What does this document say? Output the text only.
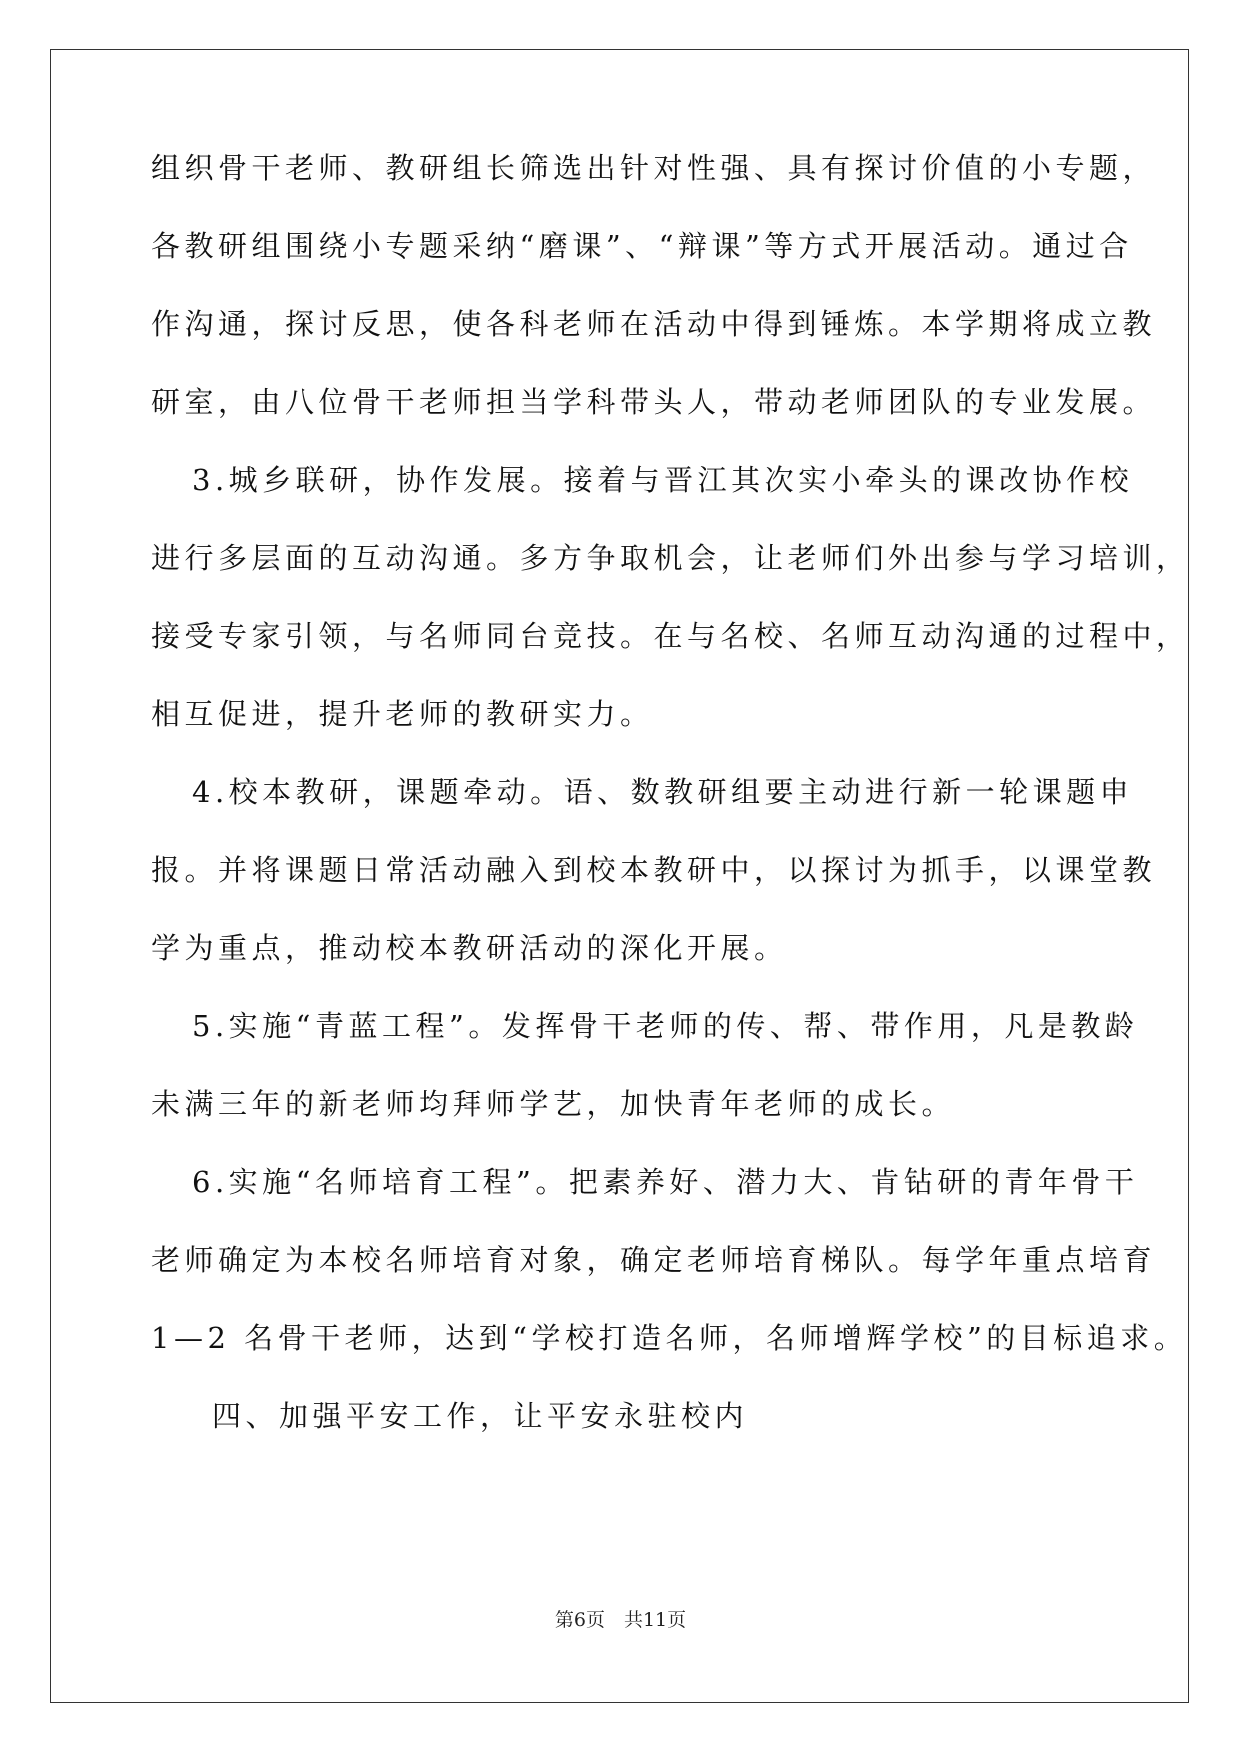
组织骨干老师、教研组长筛选出针对性强、具有探讨价值的小专题，
各教研组围绕小专题采纳“磨课”、“辩课”等方式开展活动。通过合
作沟通，探讨反思，使各科老师在活动中得到锤炼。本学期将成立教
研室，由八位骨干老师担当学科带头人，带动老师团队的专业发展。
3.城乡联研，协作发展。接着与晋江其次实小牵头的课改协作校
进行多层面的互动沟通。多方争取机会，让老师们外出参与学习培训，
接受专家引领，与名师同台竞技。在与名校、名师互动沟通的过程中，
相互促进，提升老师的教研实力。
4.校本教研，课题牵动。语、数教研组要主动进行新一轮课题申
报。并将课题日常活动融入到校本教研中，以探讨为抓手，以课堂教
学为重点，推动校本教研活动的深化开展。
5.实施“青蓝工程”。发挥骨干老师的传、帮、带作用，凡是教龄
未满三年的新老师均拜师学艺，加快青年老师的成长。
6.实施“名师培育工程”。把素养好、潜力大、肯钻研的青年骨干
老师确定为本校名师培育对象，确定老师培育梯队。每学年重点培育
1—2 名骨干老师，达到“学校打造名师，名师增辉学校”的目标追求。
四、加强平安工作，让平安永驻校内
第6页　共11页
